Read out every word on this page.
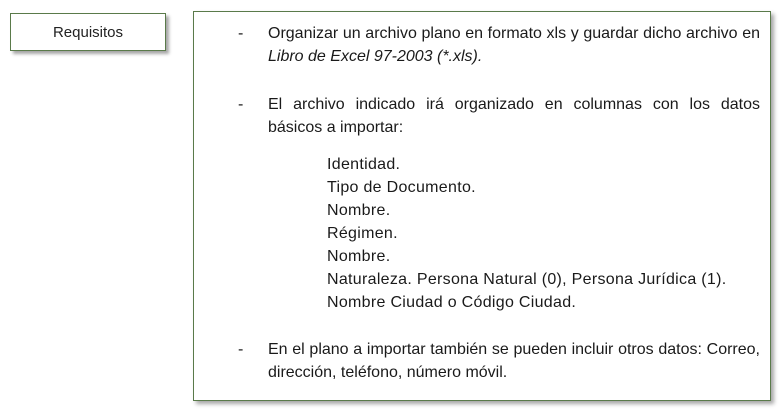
Requisitos	- Organizar un archivo plano en formato xls y guardar dicho archivo en Libro de Excel 97-2003 (*.xls).
- El archivo indicado irá organizado en columnas con los datos básicos a importar:
Identidad.
Tipo de Documento.
Nombre.
Régimen.
Nombre.
Naturaleza. Persona Natural (0), Persona Jurídica (1).
Nombre Ciudad o Código Ciudad.
- En el plano a importar también se pueden incluir otros datos: Correo, dirección, teléfono, número móvil.
